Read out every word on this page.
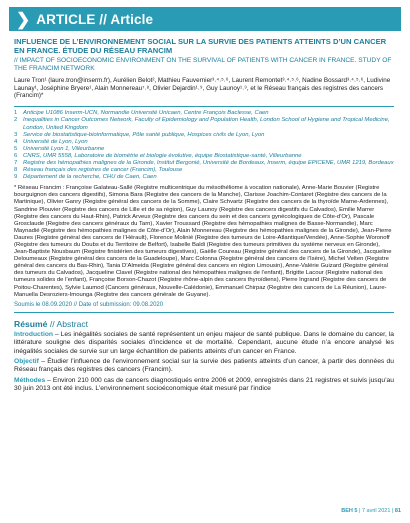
❯ ARTICLE // Article
INFLUENCE DE L’ENVIRONNEMENT SOCIAL SUR LA SURVIE DES PATIENTS ATTEINTS D’UN CANCER EN FRANCE. ÉTUDE DU RÉSEAU FRANCIM
// IMPACT OF SOCIOECONOMIC ENVIRONMENT ON THE SURVIVAL OF PATIENTS WITH CANCER IN FRANCE. STUDY OF THE FRANCIM NETWORK
Laure Tron¹ (laure.tron@inserm.fr), Aurélien Belot², Mathieu Fauvernier³˒⁴˒⁵˒⁶, Laurent Remontet³˒⁴˒⁵˒⁶, Nadine Bossard³˒⁴˒⁵˒⁶, Ludivine Launay¹, Joséphine Bryere¹, Alain Monnereau⁷˒⁸, Olivier Dejardin¹˒⁹, Guy Launoy¹˒⁹, et le Réseau français des registres des cancers (Francim)*
1 Anticipe U1086 Inserm-UCN, Normandie Université Unicaen, Centre François Baclesse, Caen
2 Inequalities in Cancer Outcomes Network, Faculty of Epidemiology and Population Health, London School of Hygiene and Tropical Medicine, London, United Kingdom
3 Service de biostatistique-bioinformatique, Pôle santé publique, Hospices civils de Lyon, Lyon
4 Université de Lyon, Lyon
5 Université Lyon 1, Villeurbanne
6 CNRS, UMR 5558, Laboratoire de biométrie et biologie évolutive, équipe Biostatistique-santé, Villeurbanne
7 Registre des hémopathies malignes de la Gironde, Institut Bergonié, Université de Bordeaux, Inserm, équipe EPICENE, UMR 1219, Bordeaux
8 Réseau français des registres de cancer (Francim), Toulouse
9 Département de la recherche, CHU de Caen, Caen
* Réseau Francim : Françoise Galateau-Sallé (Registre multicentrique du mésothéliome à vocation nationale), Anne-Marie Bouvier (Registre bourguignon des cancers digestifs), Simona Bara (Registre des cancers de la Manche), Clarisse Joachim-Contaret (Registre des cancers de la Martinique), Olivier Ganry (Registre général des cancers de la Somme), Claire Schvartz (Registre des cancers de la thyroïde Marne-Ardennes), Sandrine Plouvier (Registre des cancers de Lille et de sa région), Guy Launoy (Registre des cancers digestifs du Calvados), Emilie Marrer (Registre des cancers du Haut-Rhin), Patrick Arveux (Registre des cancers du sein et des cancers gynécologiques de Côte-d’Or), Pascale Grosclaude (Registre des cancers généraux du Tarn), Xavier Troussard (Registre des hémopathies malignes de Basse-Normandie), Marc Maynadié (Registre des hémopathies malignes de Côte-d’Or), Alain Monnereau (Registre des hémopathies malignes de la Gironde), Jean-Pierre Daures (Registre général des cancers de l’Hérault), Florence Molinié (Registre des tumeurs de Loire-Atlantique/Vendée), Anne-Sophie Woronoff (Registre des tumeurs du Doubs et du Territoire de Belfort), Isabelle Baldi (Registre des tumeurs primitives du système nerveux en Gironde), Jean-Baptiste Nousbaum (Registre finistérien des tumeurs digestives), Gaëlle Coureau (Registre général des cancers de la Gironde), Jacqueline Deloumeaux (Registre général des cancers de la Guadeloupe), Marc Colonna (Registre général des cancers de l’Isère), Michel Velten (Registre général des cancers du Bas-Rhin), Tania D’Almeida (Registre général des cancers en région Limousin), Anne-Valérie Guizard (Registre général des tumeurs du Calvados), Jacqueline Clavel (Registre national des hémopathies malignes de l’enfant), Brigitte Lacour (Registre national des tumeurs solides de l’enfant), Françoise Borson-Chazot (Registre rhône-alpin des cancers thyroïdiens), Pierre Ingrand (Registre des cancers de Poitou-Charentes), Sylvie Laumod (Cancers généraux, Nouvelle-Calédonie), Emmanuel Chirpaz (Registre des cancers de La Réunion), Laure-Manuella Desroziers-Imounga (Registre des cancers générale de Guyane).
Soumis le 08.09.2020 // Date of submission: 09.08.2020
Résumé // Abstract
Introduction – Les inégalités sociales de santé représentent un enjeu majeur de santé publique. Dans le domaine du cancer, la littérature souligne des disparités sociales d’incidence et de mortalité. Cependant, aucune étude n’a encore analysé les inégalités sociales de survie sur un large échantillon de patients atteints d’un cancer en France.
Objectif – Étudier l’influence de l’environnement social sur la survie des patients atteints d’un cancer, à partir des données du Réseau français des registres des cancers (Francim).
Méthodes – Environ 210 000 cas de cancers diagnostiqués entre 2006 et 2009, enregistrés dans 21 registres et suivis jusqu’au 30 juin 2013 ont été inclus. L’environnement socioéconomique était mesuré par l’indice
BEH 5 | 7 avril 2021 | 81
